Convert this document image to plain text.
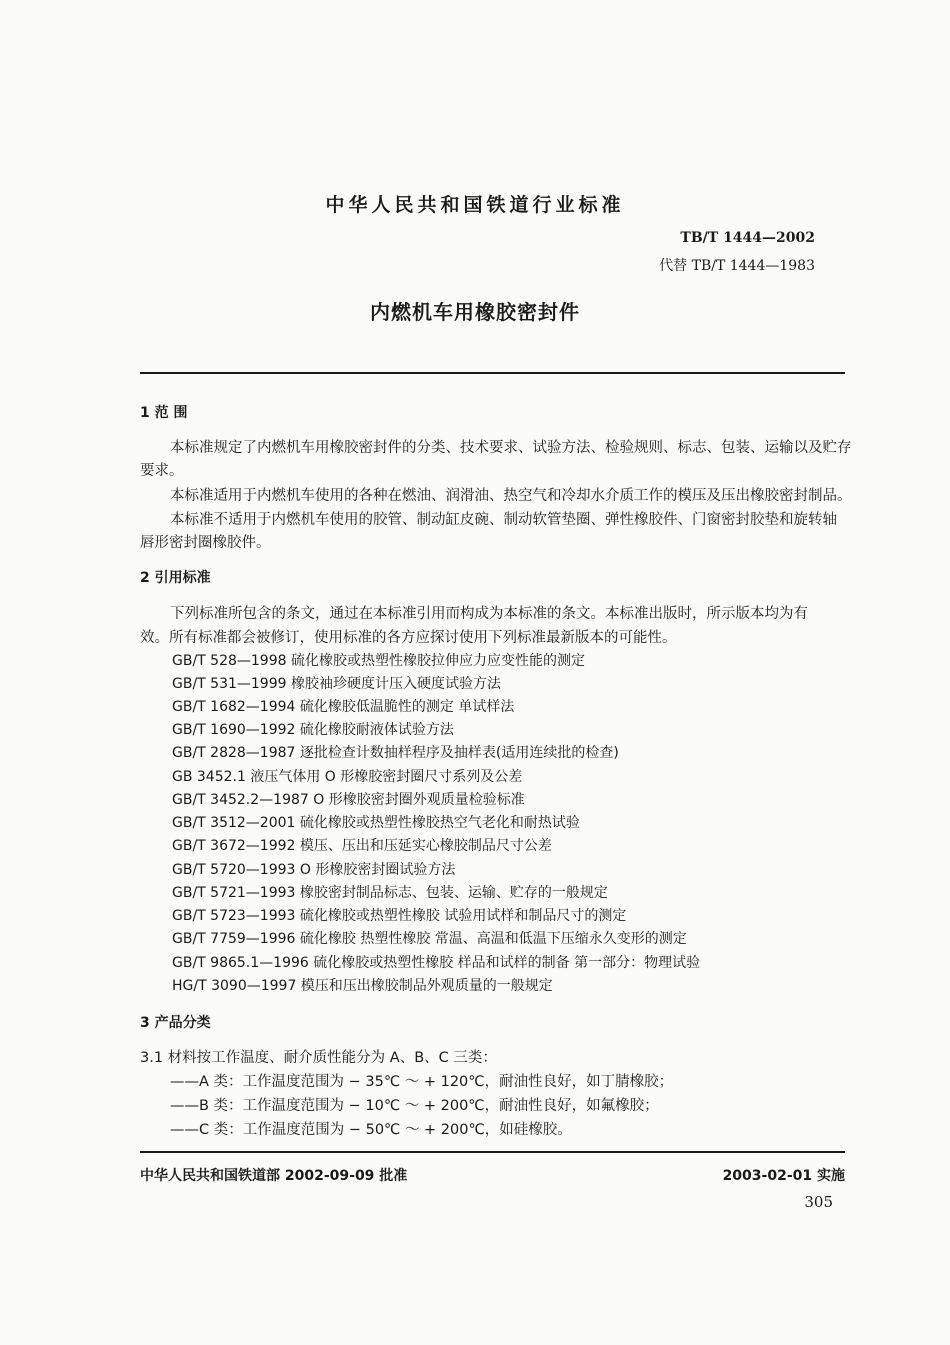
中华人民共和国铁道行业标准
TB/T 1444—2002
代替 TB/T 1444—1983
内燃机车用橡胶密封件
1 范 围
本标准规定了内燃机车用橡胶密封件的分类、技术要求、试验方法、检验规则、标志、包装、运输以及贮存
要求。
本标准适用于内燃机车使用的各种在燃油、润滑油、热空气和冷却水介质工作的模压及压出橡胶密封制品。
本标准不适用于内燃机车使用的胶管、制动缸皮碗、制动软管垫圈、弹性橡胶件、门窗密封胶垫和旋转轴
唇形密封圈橡胶件。
2 引用标准
下列标准所包含的条文，通过在本标准引用而构成为本标准的条文。本标准出版时，所示版本均为有
效。所有标准都会被修订，使用标准的各方应探讨使用下列标准最新版本的可能性。
GB/T 528—1998 硫化橡胶或热塑性橡胶拉伸应力应变性能的测定
GB/T 531—1999 橡胶袖珍硬度计压入硬度试验方法
GB/T 1682—1994 硫化橡胶低温脆性的测定 单试样法
GB/T 1690—1992 硫化橡胶耐液体试验方法
GB/T 2828—1987 逐批检查计数抽样程序及抽样表(适用连续批的检查)
GB 3452.1 液压气体用 O 形橡胶密封圈尺寸系列及公差
GB/T 3452.2—1987 O 形橡胶密封圈外观质量检验标准
GB/T 3512—2001 硫化橡胶或热塑性橡胶热空气老化和耐热试验
GB/T 3672—1992 模压、压出和压延实心橡胶制品尺寸公差
GB/T 5720—1993 O 形橡胶密封圈试验方法
GB/T 5721—1993 橡胶密封制品标志、包装、运输、贮存的一般规定
GB/T 5723—1993 硫化橡胶或热塑性橡胶 试验用试样和制品尺寸的测定
GB/T 7759—1996 硫化橡胶 热塑性橡胶 常温、高温和低温下压缩永久变形的测定
GB/T 9865.1—1996 硫化橡胶或热塑性橡胶 样品和试样的制备 第一部分：物理试验
HG/T 3090—1997 模压和压出橡胶制品外观质量的一般规定
3 产品分类
3.1 材料按工作温度、耐介质性能分为 A、B、C 三类：
——A 类：工作温度范围为 − 35℃ ～ + 120℃，耐油性良好，如丁腈橡胶；
——B 类：工作温度范围为 − 10℃ ～ + 200℃，耐油性良好，如氟橡胶；
——C 类：工作温度范围为 − 50℃ ～ + 200℃，如硅橡胶。
中华人民共和国铁道部 2002-09-09 批准	2003-02-01 实施
305
